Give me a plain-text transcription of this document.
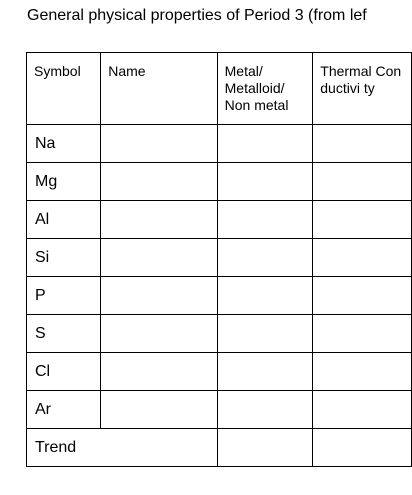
General physical properties of Period 3 (from lef
Symbol	Name	Metal/ Metalloid/ Non metal	Thermal Conductivi ty

Na			
Mg			
Al			
Si			
P			
S			
Cl			
Ar			
Trend			
